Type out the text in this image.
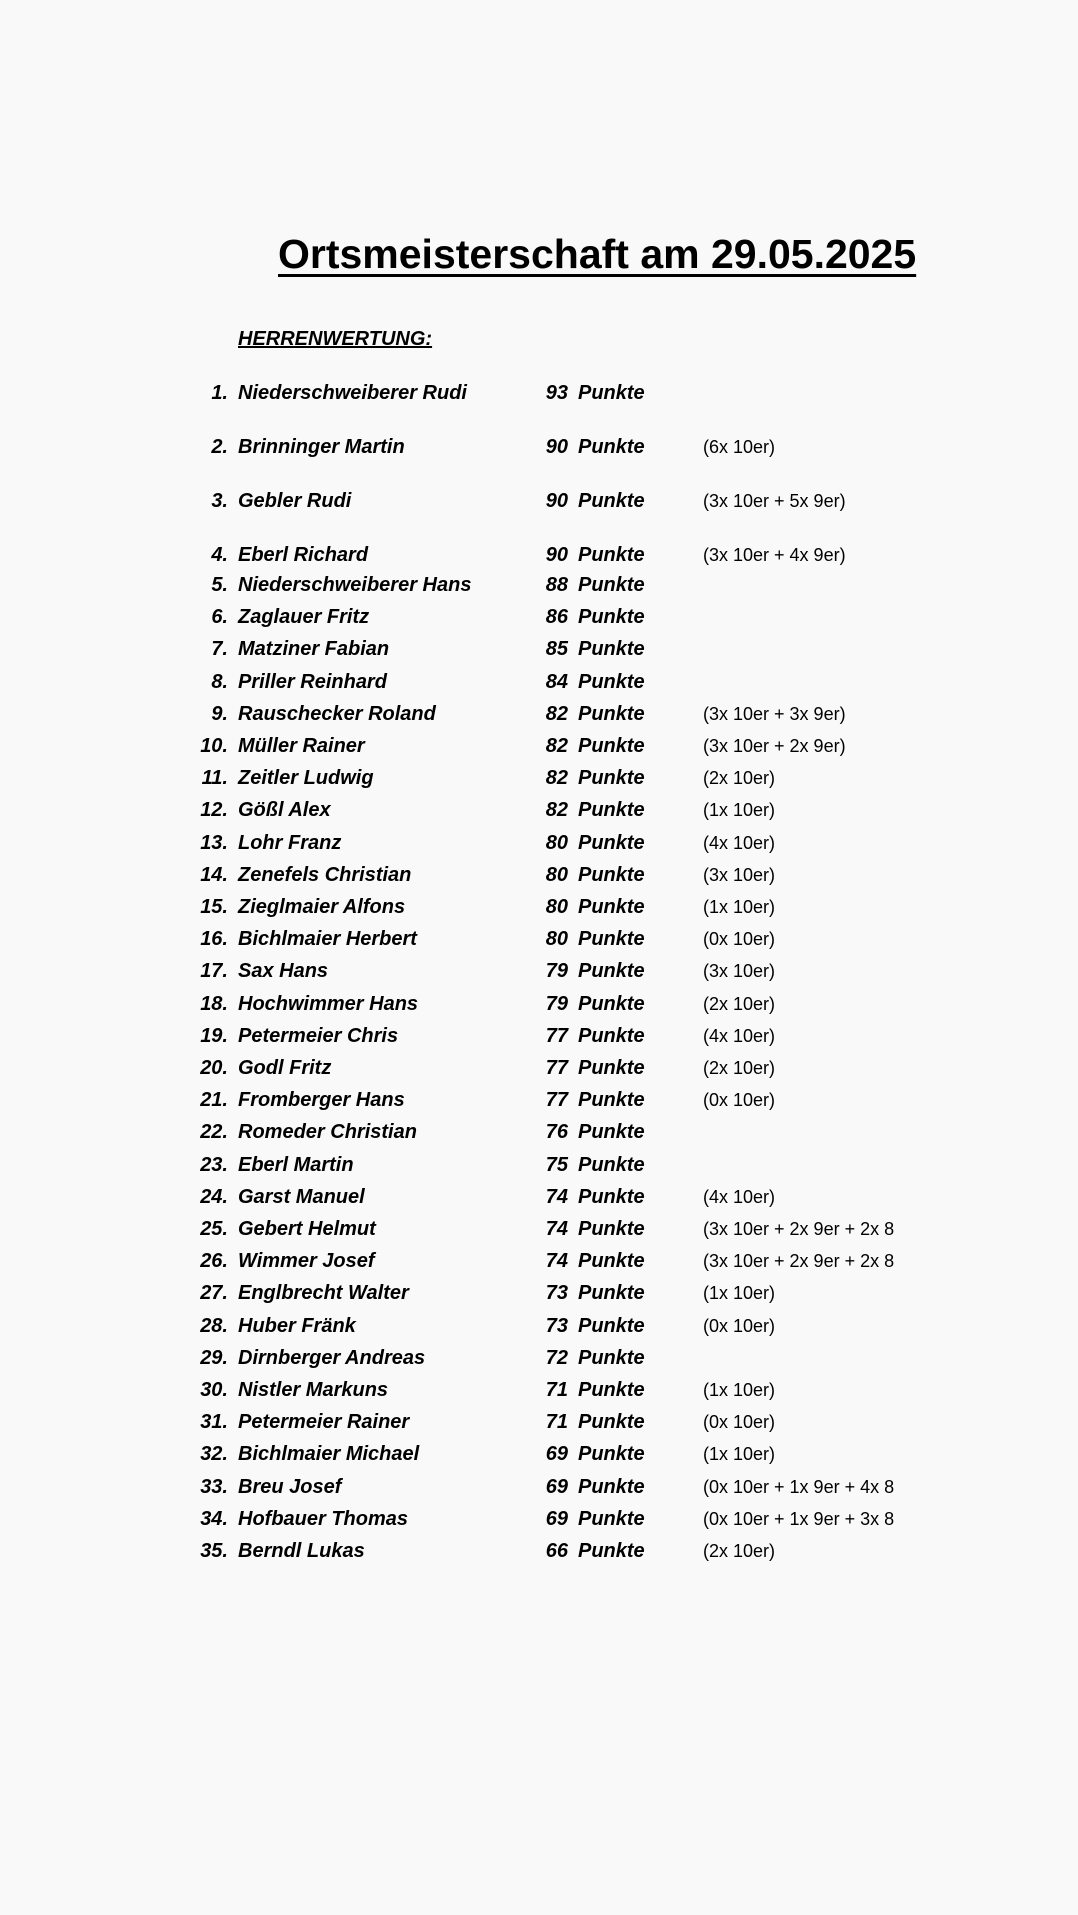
Ortsmeisterschaft am 29.05.2025
HERRENWERTUNG:
1. Niederschweiberer Rudi	93 Punkte
2. Brinninger Martin	90 Punkte	(6x 10er)
3. Gebler Rudi	90 Punkte	(3x 10er + 5x 9er)
4. Eberl Richard	90 Punkte	(3x 10er + 4x 9er)
5. Niederschweiberer Hans	88 Punkte
6. Zaglauer Fritz	86 Punkte
7. Matziner Fabian	85 Punkte
8. Priller Reinhard	84 Punkte
9. Rauschecker Roland	82 Punkte	(3x 10er + 3x 9er)
10. Müller Rainer	82 Punkte	(3x 10er + 2x 9er)
11. Zeitler Ludwig	82 Punkte	(2x 10er)
12. Gößl Alex	82 Punkte	(1x 10er)
13. Lohr Franz	80 Punkte	(4x 10er)
14. Zenefels Christian	80 Punkte	(3x 10er)
15. Zieglmaier Alfons	80 Punkte	(1x 10er)
16. Bichlmaier Herbert	80 Punkte	(0x 10er)
17. Sax Hans	79 Punkte	(3x 10er)
18. Hochwimmer Hans	79 Punkte	(2x 10er)
19. Petermeier Chris	77 Punkte	(4x 10er)
20. Godl Fritz	77 Punkte	(2x 10er)
21. Fromberger Hans	77 Punkte	(0x 10er)
22. Romeder Christian	76 Punkte
23. Eberl Martin	75 Punkte
24. Garst Manuel	74 Punkte	(4x 10er)
25. Gebert Helmut	74 Punkte	(3x 10er + 2x 9er + 2x 8
26. Wimmer Josef	74 Punkte	(3x 10er + 2x 9er + 2x 8
27. Englbrecht Walter	73 Punkte	(1x 10er)
28. Huber Fränk	73 Punkte	(0x 10er)
29. Dirnberger Andreas	72 Punkte
30. Nistler Markuns	71 Punkte	(1x 10er)
31. Petermeier Rainer	71 Punkte	(0x 10er)
32. Bichlmaier Michael	69 Punkte	(1x 10er)
33. Breu Josef	69 Punkte	(0x 10er + 1x 9er + 4x 8
34. Hofbauer Thomas	69 Punkte	(0x 10er + 1x 9er + 3x 8
35. Berndl Lukas	66 Punkte	(2x 10er)
